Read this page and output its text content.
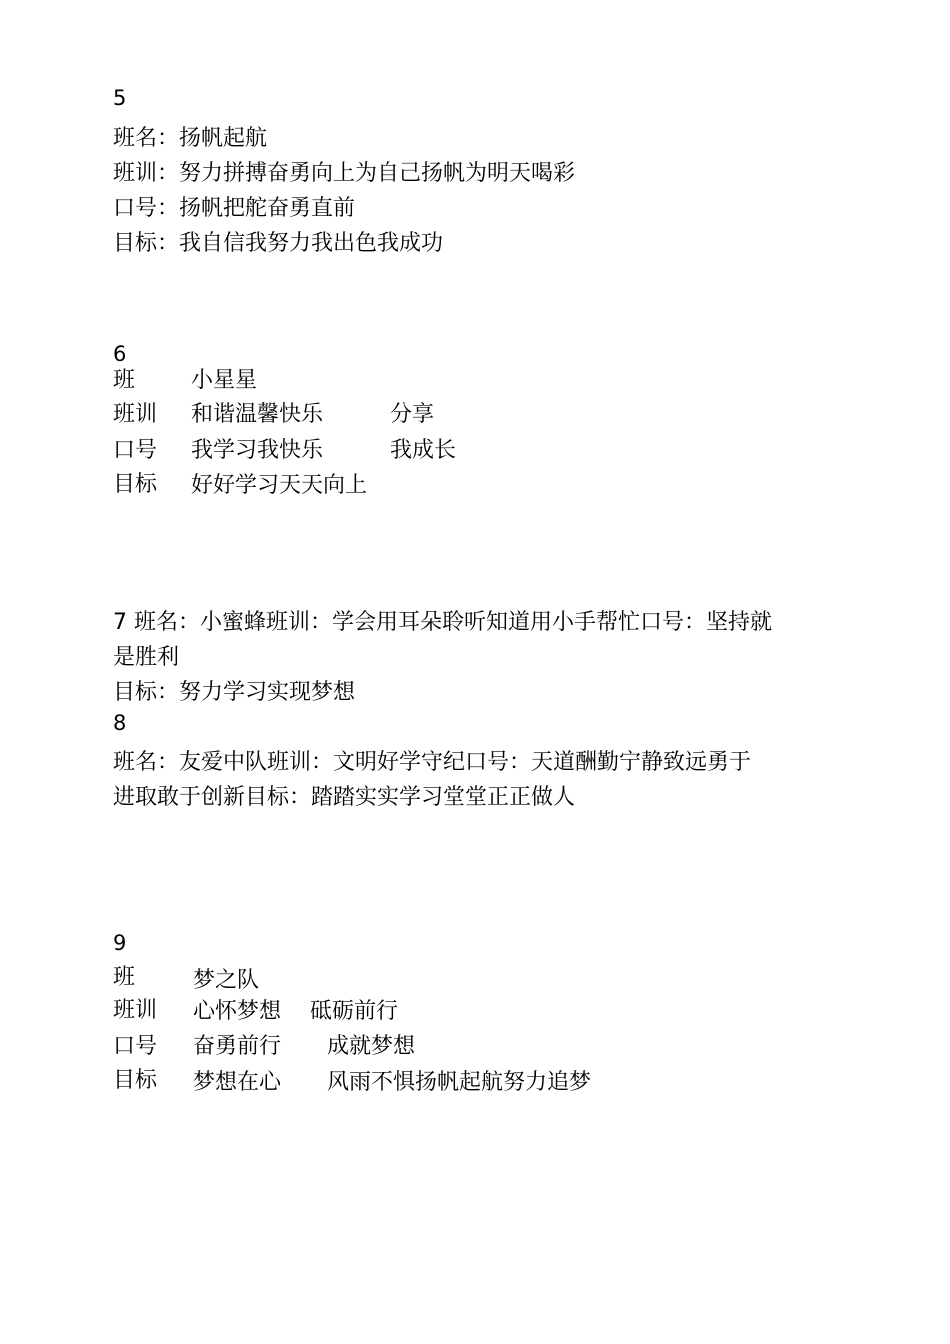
5
班名：扬帆起航
班训：努力拼搏奋勇向上为自己扬帆为明天喝彩
口号：扬帆把舵奋勇直前
目标：我自信我努力我出色我成功
6
班	小星星
班训 和谐温馨快乐	分享
口号 我学习我快乐	我成长
目标 好好学习天天向上
7 班名：小蜜蜂班训：学会用耳朵聆听知道用小手帮忙口号：坚持就
是胜利
目标：努力学习实现梦想
8
班名：友爱中队班训：文明好学守纪口号：天道酬勤宁静致远勇于
进取敢于创新目标：踏踏实实学习堂堂正正做人
9
班	梦之队
班训 心怀梦想 砥砺前行
口号 奋勇前行 成就梦想
目标 梦想在心 风雨不惧扬帆起航努力追梦
